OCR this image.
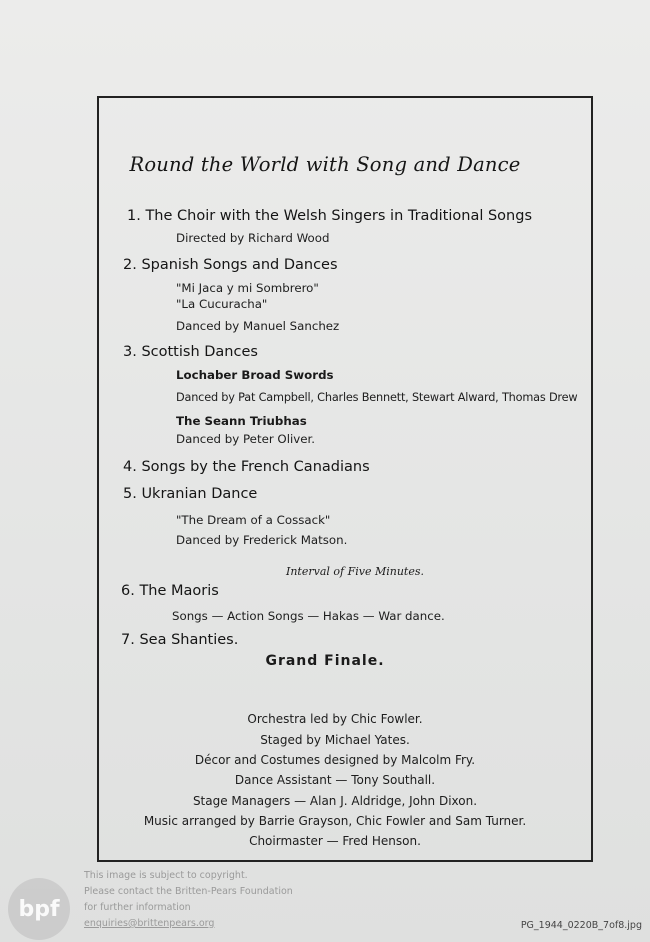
Round the World with Song and Dance
1. The Choir with the Welsh Singers in Traditional Songs
Directed by Richard Wood
2. Spanish Songs and Dances
"Mi Jaca y mi Sombrero"
"La Cucuracha"
Danced by Manuel Sanchez
3. Scottish Dances
Lochaber Broad Swords
Danced by Pat Campbell, Charles Bennett, Stewart Alward, Thomas Drew
The Seann Triubhas
Danced by Peter Oliver.
4. Songs by the French Canadians
5. Ukranian Dance
"The Dream of a Cossack"
Danced by Frederick Matson.
Interval of Five Minutes.
6. The Maoris
Songs — Action Songs — Hakas — War dance.
7. Sea Shanties.
Grand Finale.
Orchestra led by Chic Fowler.
Staged by Michael Yates.
Décor and Costumes designed by Malcolm Fry.
Dance Assistant — Tony Southall.
Stage Managers — Alan J. Aldridge, John Dixon.
Music arranged by Barrie Grayson, Chic Fowler and Sam Turner.
Choirmaster — Fred Henson.
bpf
This image is subject to copyright.
Please contact the Britten-Pears Foundation
for further information
enquiries@brittenpears.org	PG_1944_0220B_7of8.jpg
